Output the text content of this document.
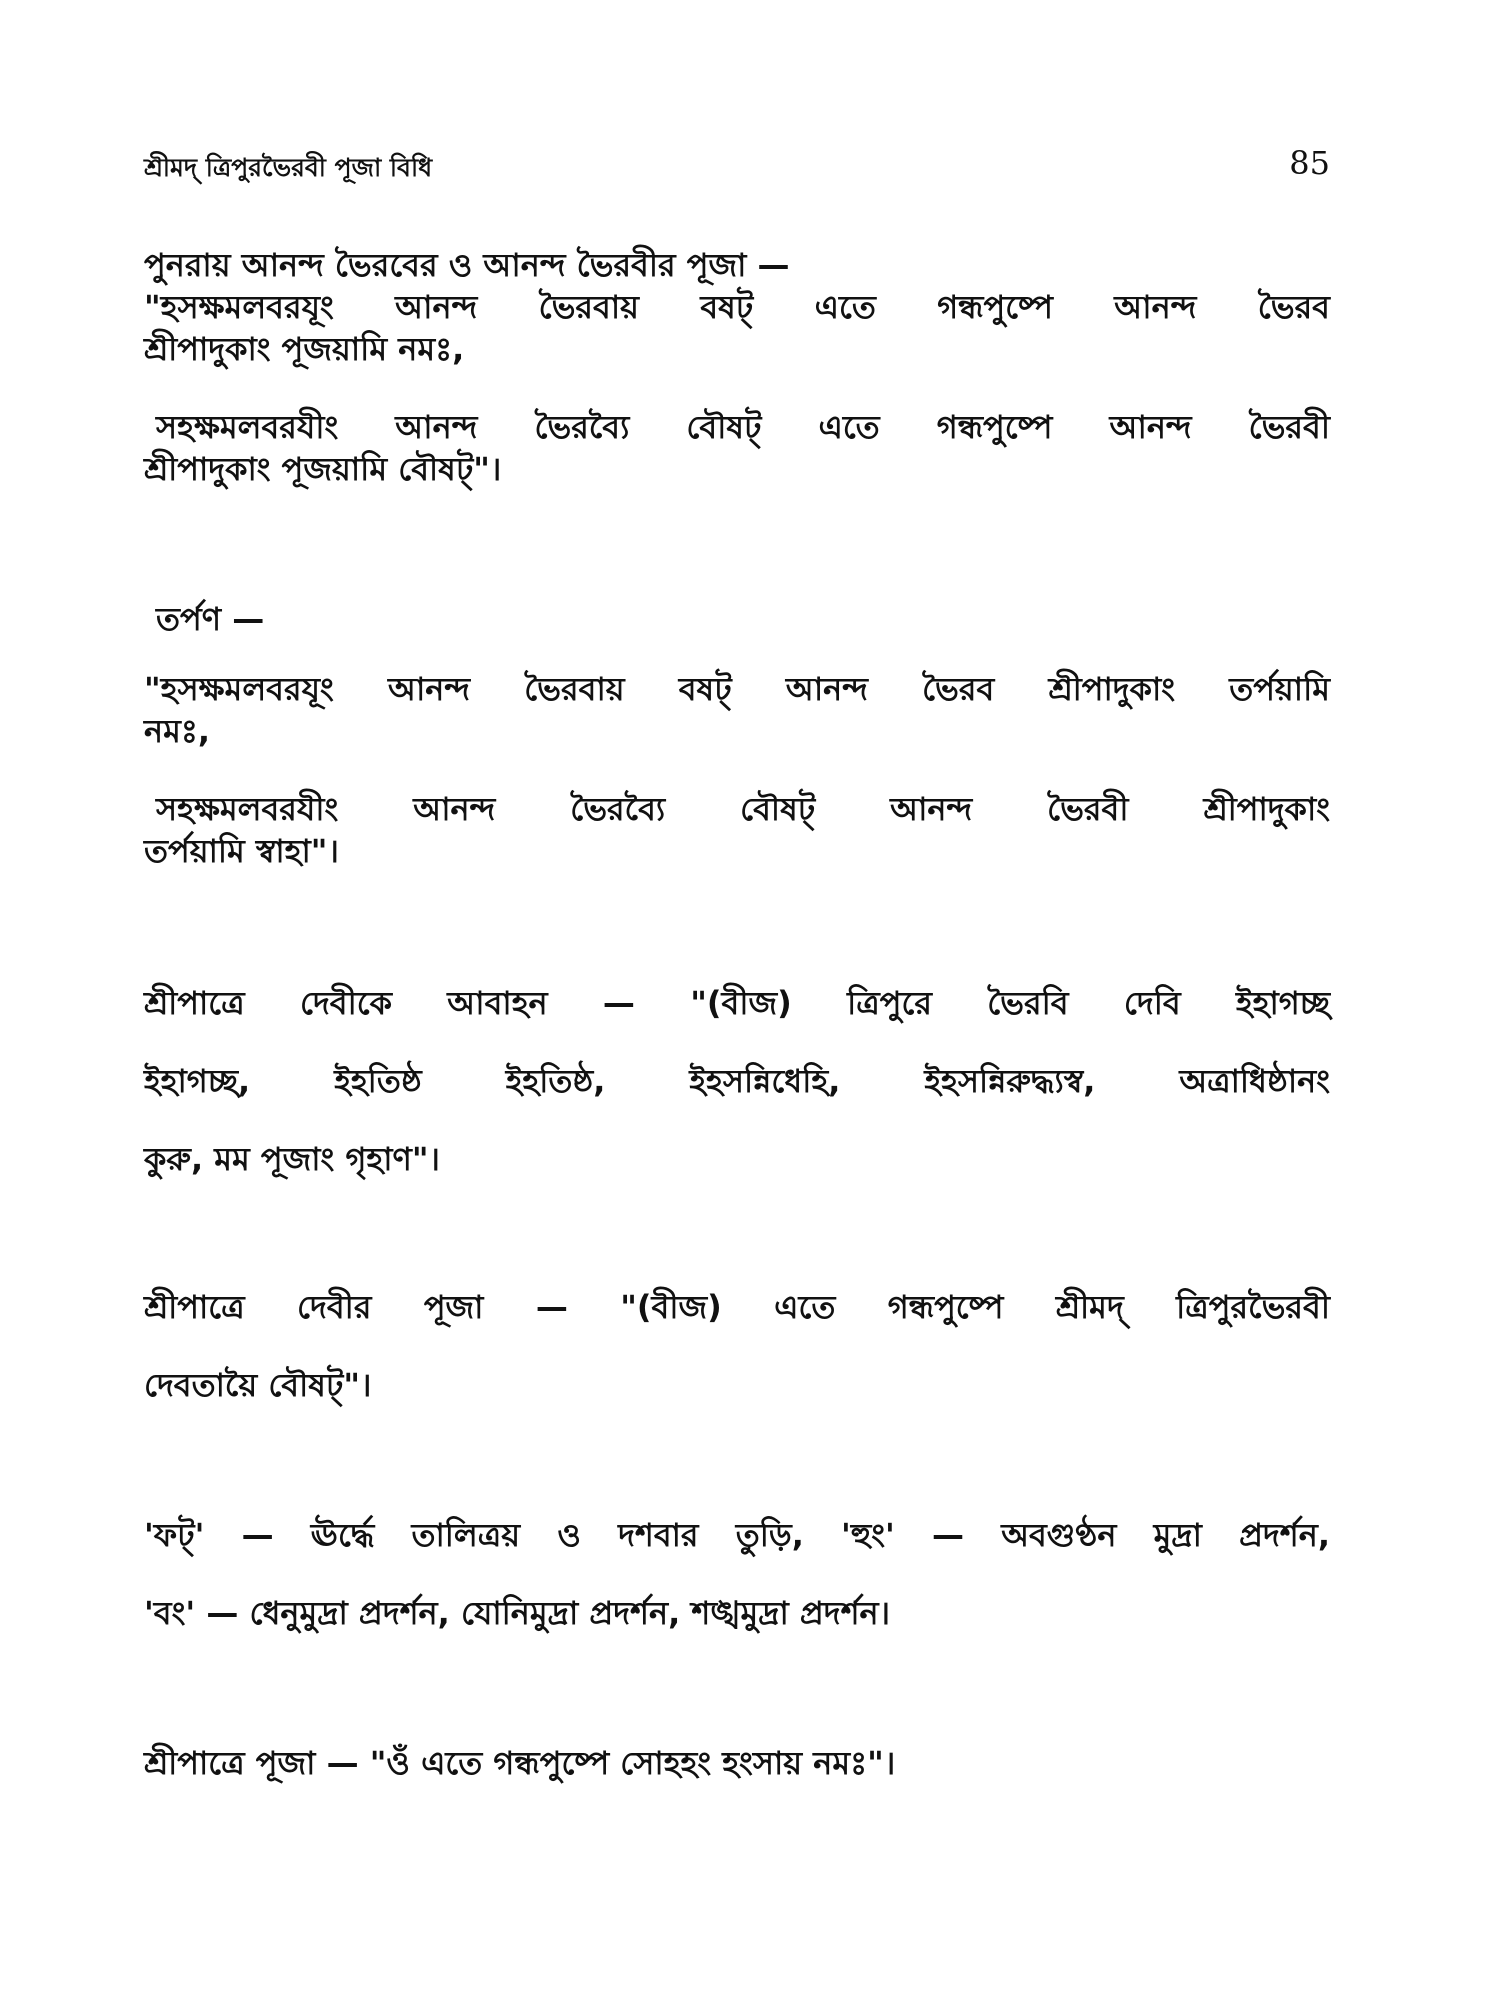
শ্রীমদ্ ত্রিপুরভৈরবী পূজা বিধি	85
পুনরায় আনন্দ ভৈরবের ও আনন্দ ভৈরবীর পূজা —
"হসক্ষমলবরযূং আনন্দ ভৈরবায় বষট্ এতে গন্ধপুষ্পে আনন্দ ভৈরব
শ্রীপাদুকাং পূজয়ামি নমঃ,
সহক্ষমলবরযীং আনন্দ ভৈরব্যৈ বৌষট্ এতে গন্ধপুষ্পে আনন্দ ভৈরবী
শ্রীপাদুকাং পূজয়ামি বৌষট্"।
তর্পণ —
"হসক্ষমলবরযূং আনন্দ ভৈরবায় বষট্ আনন্দ ভৈরব শ্রীপাদুকাং তর্পয়ামি
নমঃ,
সহক্ষমলবরযীং আনন্দ ভৈরব্যৈ বৌষট্ আনন্দ ভৈরবী শ্রীপাদুকাং
তর্পয়ামি স্বাহা"।
শ্রীপাত্রে দেবীকে আবাহন — "(বীজ) ত্রিপুরে ভৈরবি দেবি ইহাগচ্ছ
ইহাগচ্ছ, ইহতিষ্ঠ ইহতিষ্ঠ, ইহসন্নিধেহি, ইহসন্নিরুদ্ধ্যস্ব, অত্রাধিষ্ঠানং
কুরু, মম পূজাং গৃহাণ"।
শ্রীপাত্রে দেবীর পূজা — "(বীজ) এতে গন্ধপুষ্পে শ্রীমদ্ ত্রিপুরভৈরবী
দেবতায়ৈ বৌষট্"।
'ফট্' — ঊর্দ্ধে তালিত্রয় ও দশবার তুড়ি, 'হুং' — অবগুণ্ঠন মুদ্রা প্রদর্শন,
'বং' — ধেনুমুদ্রা প্রদর্শন, যোনিমুদ্রা প্রদর্শন, শঙ্খমুদ্রা প্রদর্শন।
শ্রীপাত্রে পূজা — "ওঁ এতে গন্ধপুষ্পে সোহহং হংসায় নমঃ"।
